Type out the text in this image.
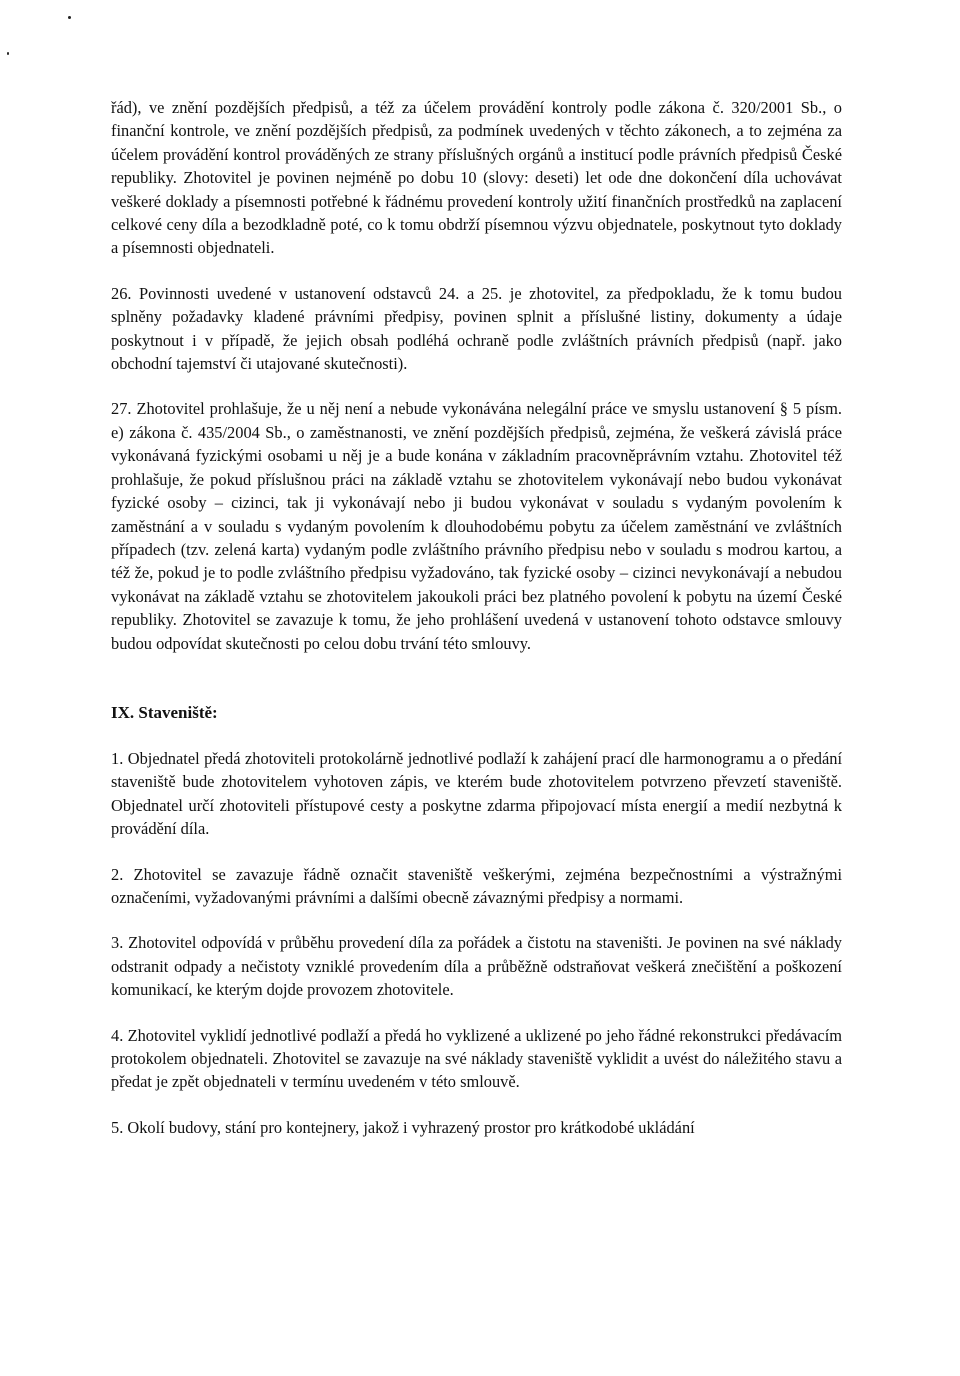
řád), ve znění pozdějších předpisů, a též za účelem provádění kontroly podle zákona č. 320/2001 Sb., o finanční kontrole, ve znění pozdějších předpisů, za podmínek uvedených v těchto zákonech, a to zejména za účelem provádění kontrol prováděných ze strany příslušných orgánů a institucí podle právních předpisů České republiky. Zhotovitel je povinen nejméně po dobu 10 (slovy: deseti) let ode dne dokončení díla uchovávat veškeré doklady a písemnosti potřebné k řádnému provedení kontroly užití finančních prostředků na zaplacení celkové ceny díla a bezodkladně poté, co k tomu obdrží písemnou výzvu objednatele, poskytnout tyto doklady a písemnosti objednateli.

26. Povinnosti uvedené v ustanovení odstavců 24. a 25. je zhotovitel, za předpokladu, že k tomu budou splněny požadavky kladené právními předpisy, povinen splnit a příslušné listiny, dokumenty a údaje poskytnout i v případě, že jejich obsah podléhá ochraně podle zvláštních právních předpisů (např. jako obchodní tajemství či utajované skutečnosti).

27. Zhotovitel prohlašuje, že u něj není a nebude vykonávána nelegální práce ve smyslu ustanovení § 5 písm. e) zákona č. 435/2004 Sb., o zaměstnanosti, ve znění pozdějších předpisů, zejména, že veškerá závislá práce vykonávaná fyzickými osobami u něj je a bude konána v základním pracovněprávním vztahu. Zhotovitel též prohlašuje, že pokud příslušnou práci na základě vztahu se zhotovitelem vykonávají nebo budou vykonávat fyzické osoby – cizinci, tak ji vykonávají nebo ji budou vykonávat v souladu s vydaným povolením k zaměstnání a v souladu s vydaným povolením k dlouhodobému pobytu za účelem zaměstnání ve zvláštních případech (tzv. zelená karta) vydaným podle zvláštního právního předpisu nebo v souladu s modrou kartou, a též že, pokud je to podle zvláštního předpisu vyžadováno, tak fyzické osoby – cizinci nevykonávají a nebudou vykonávat na základě vztahu se zhotovitelem jakoukoli práci bez platného povolení k pobytu na území České republiky. Zhotovitel se zavazuje k tomu, že jeho prohlášení uvedená v ustanovení tohoto odstavce smlouvy budou odpovídat skutečnosti po celou dobu trvání této smlouvy.

IX. Staveniště:

1. Objednatel předá zhotoviteli protokolárně jednotlivé podlaží k zahájení prací dle harmonogramu a o předání staveniště bude zhotovitelem vyhotoven zápis, ve kterém bude zhotovitelem potvrzeno převzetí staveniště. Objednatel určí zhotoviteli přístupové cesty a poskytne zdarma připojovací místa energií a medií nezbytná k provádění díla.

2. Zhotovitel se zavazuje řádně označit staveniště veškerými, zejména bezpečnostními a výstražnými označeními, vyžadovanými právními a dalšími obecně závaznými předpisy a normami.

3. Zhotovitel odpovídá v průběhu provedení díla za pořádek a čistotu na staveništi. Je povinen na své náklady odstranit odpady a nečistoty vzniklé provedením díla a průběžně odstraňovat veškerá znečištění a poškození komunikací, ke kterým dojde provozem zhotovitele.

4. Zhotovitel vyklidí jednotlivé podlaží a předá ho vyklizené a uklizené po jeho řádné rekonstrukci předávacím protokolem objednateli. Zhotovitel se zavazuje na své náklady staveniště vyklidit a uvést do náležitého stavu a předat je zpět objednateli v termínu uvedeném v této smlouvě.

5. Okolí budovy, stání pro kontejnery, jakož i vyhrazený prostor pro krátkodobé ukládání
